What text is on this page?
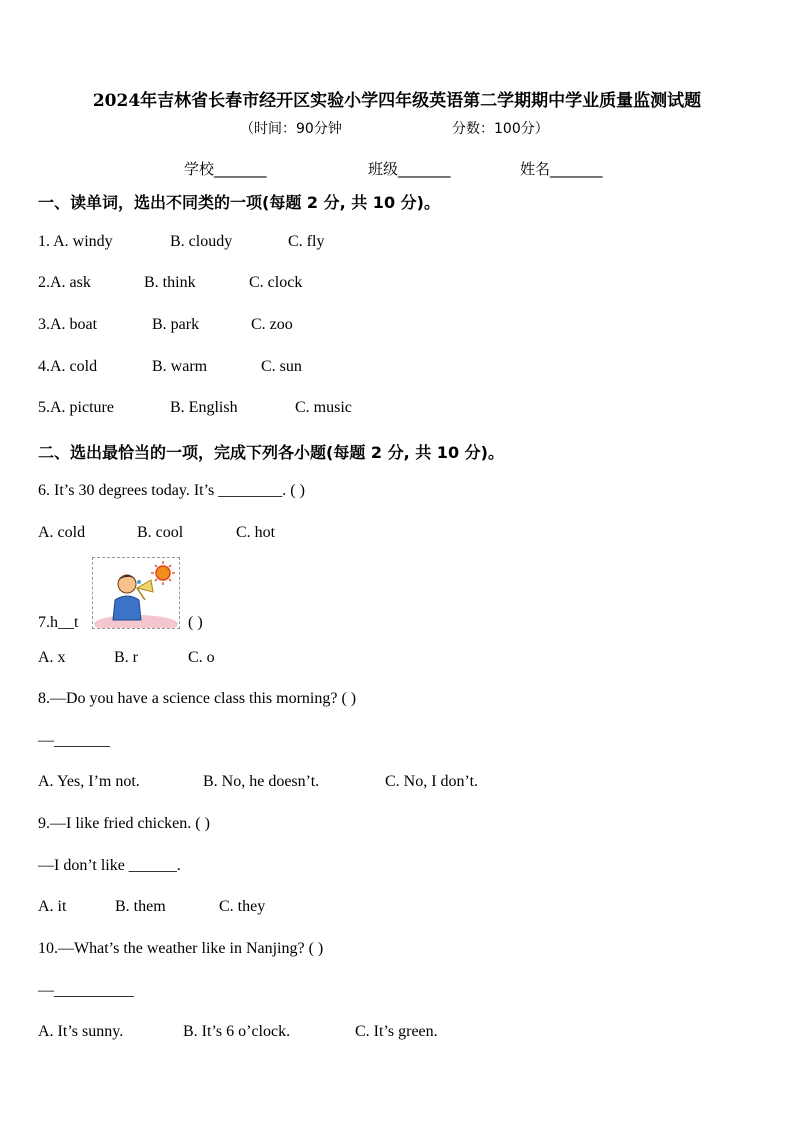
2024年吉林省长春市经开区实验小学四年级英语第二学期期中学业质量监测试题
（时间：90分钟	分数：100分）
学校_______	班级_______	姓名_______
一、读单词，选出不同类的一项(每题 2 分, 共 10 分)。
1. A. windy	B. cloudy	C. fly
2.A. ask	B. think	C. clock
3.A. boat	B. park	C. zoo
4.A. cold	B. warm	C. sun
5.A. picture	B. English	C. music
二、选出最恰当的一项，完成下列各小题(每题 2 分, 共 10 分)。
6. It’s 30 degrees today. It’s ________. ( )
A. cold	B. cool	C. hot
7.h__t	( )
A. x	B. r	C. o
8.—Do you have a science class this morning? ( )
—_______
A. Yes, I’m not.	B. No, he doesn’t.	C. No, I don’t.
9.—I like fried chicken. ( )
—I don’t like ______.
A. it	B. them	C. they
10.—What’s the weather like in Nanjing? ( )
—__________
A. It’s sunny.	B. It’s 6 o’clock.	C. It’s green.
